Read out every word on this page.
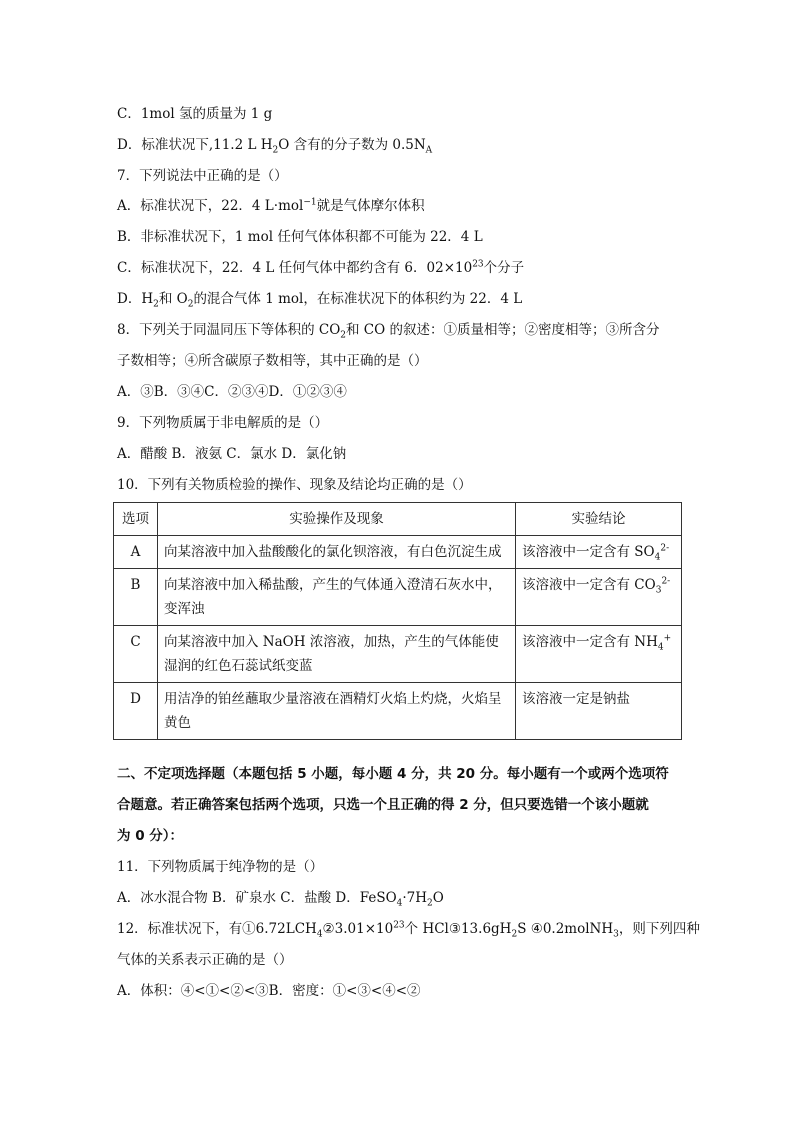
C．1mol 氢的质量为 1 g
D．标准状况下,11.2 L $H_2O$ 含有的分子数为 $0.5N_A$
7．下列说法中正确的是（）
A．标准状况下，22．4 L·mol$^{-1}$就是气体摩尔体积
B．非标准状况下，1 mol 任何气体体积都不可能为 22．4 L
C．标准状况下，22．4 L 任何气体中都约含有 6．$02\times 10^{23}$个分子
D．$H_2$和 $O_2$的混合气体 1 mol，在标准状况下的体积约为 22．4 L
8．下列关于同温同压下等体积的 $CO_2$和 CO 的叙述：①质量相等；②密度相等；③所含分
子数相等；④所含碳原子数相等，其中正确的是（）
A．③B．③④C．②③④D．①②③④
9．下列物质属于非电解质的是（）
A．醋酸 B．液氨 C．氯水 D．氯化钠
10．下列有关物质检验的操作、现象及结论均正确的是（）
选项	实验操作及现象	实验结论
A	向某溶液中加入盐酸酸化的氯化钡溶液，有白色沉淀生成	该溶液中一定含有 $SO_4^{2-}$
B	向某溶液中加入稀盐酸，产生的气体通入澄清石灰水中，变浑浊	该溶液中一定含有 $CO_3^{2-}$
C	向某溶液中加入 NaOH 浓溶液，加热，产生的气体能使湿润的红色石蕊试纸变蓝	该溶液中一定含有 $NH_4^+$
D	用洁净的铂丝蘸取少量溶液在酒精灯火焰上灼烧，火焰呈黄色	该溶液一定是钠盐
二、不定项选择题（本题包括 5 小题，每小题 4 分，共 20 分。每小题有一个或两个选项符
合题意。若正确答案包括两个选项，只选一个且正确的得 2 分，但只要选错一个该小题就
为 0 分）：
11．下列物质属于纯净物的是（）
A．冰水混合物 B．矿泉水 C．盐酸 D．$FeSO_4\cdot 7H_2O$
12．标准状况下，有$①6.72LCH_4②3.01\times 10^{23}$个 $HCl③13.6gH_2S$ ④0.2molNH$_3$，则下列四种
气体的关系表示正确的是（）
A．体积：④<①<②<③B．密度：①<③<④<②
